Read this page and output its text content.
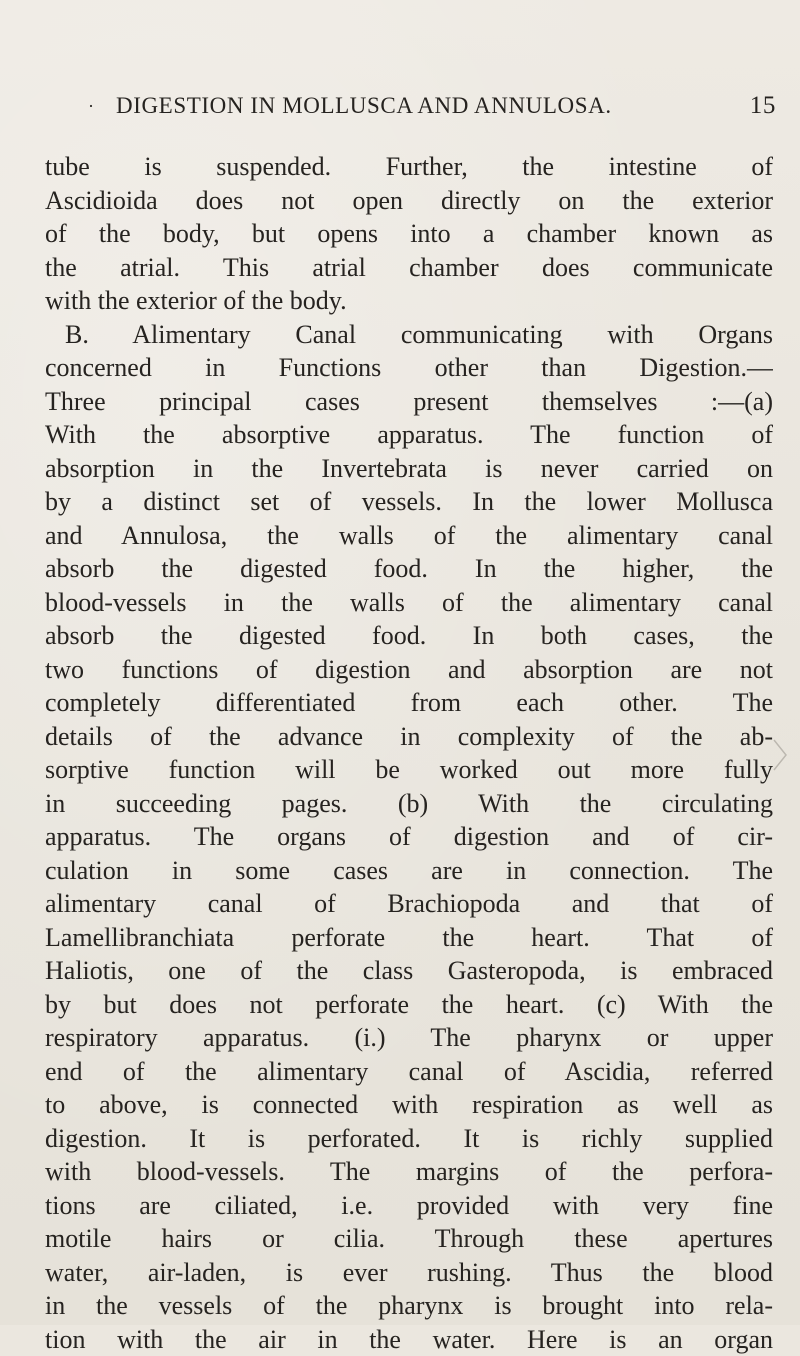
· DIGESTION IN MOLLUSCA AND ANNULOSA.	15
tube is suspended. Further, the intestine of
Ascidioida does not open directly on the exterior
of the body, but opens into a chamber known as
the atrial. This atrial chamber does communicate
with the exterior of the body.
B. Alimentary Canal communicating with Organs
concerned in Functions other than Digestion.—
Three principal cases present themselves :—(a)
With the absorptive apparatus. The function of
absorption in the Invertebrata is never carried on
by a distinct set of vessels. In the lower Mollusca
and Annulosa, the walls of the alimentary canal
absorb the digested food. In the higher, the
blood-vessels in the walls of the alimentary canal
absorb the digested food. In both cases, the
two functions of digestion and absorption are not
completely differentiated from each other. The
details of the advance in complexity of the ab-
sorptive function will be worked out more fully
in succeeding pages. (b) With the circulating
apparatus. The organs of digestion and of cir-
culation in some cases are in connection. The
alimentary canal of Brachiopoda and that of
Lamellibranchiata perforate the heart. That of
Haliotis, one of the class Gasteropoda, is embraced
by but does not perforate the heart. (c) With the
respiratory apparatus. (i.) The pharynx or upper
end of the alimentary canal of Ascidia, referred
to above, is connected with respiration as well as
digestion. It is perforated. It is richly supplied
with blood-vessels. The margins of the perfora-
tions are ciliated, i.e. provided with very fine
motile hairs or cilia. Through these apertures
water, air-laden, is ever rushing. Thus the blood
in the vessels of the pharynx is brought into rela-
tion with the air in the water. Here is an organ
